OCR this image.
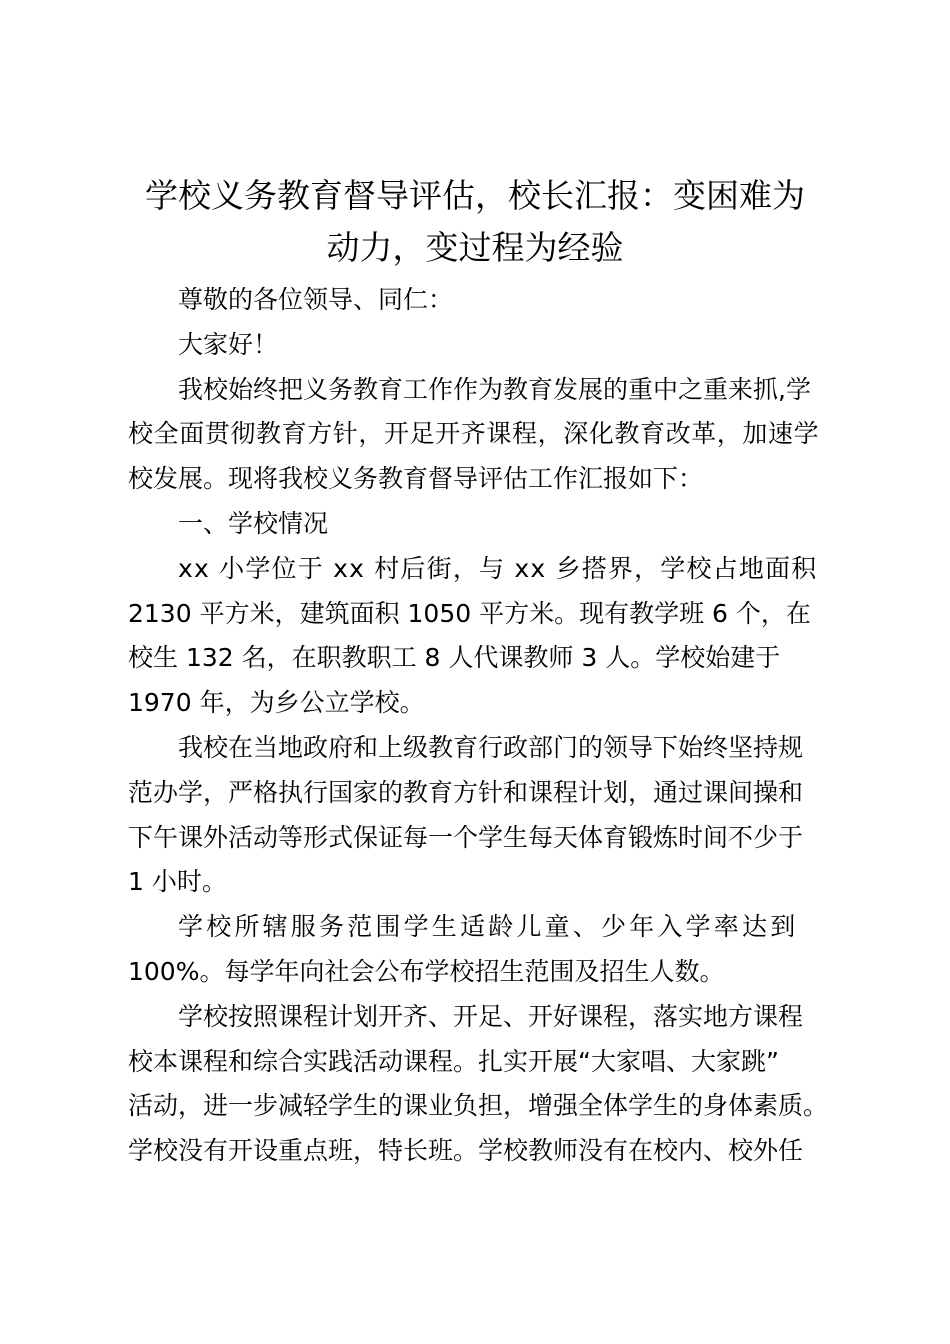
学校义务教育督导评估，校长汇报：变困难为
动力，变过程为经验
尊敬的各位领导、同仁：
大家好！
我校始终把义务教育工作作为教育发展的重中之重来抓,学
校全面贯彻教育方针，开足开齐课程，深化教育改革，加速学
校发展。现将我校义务教育督导评估工作汇报如下：
一、学校情况
xx 小学位于 xx 村后街，与 xx 乡搭界，学校占地面积
2130 平方米，建筑面积 1050 平方米。现有教学班 6 个，在
校生 132 名，在职教职工 8 人代课教师 3 人。学校始建于
1970 年，为乡公立学校。
我校在当地政府和上级教育行政部门的领导下始终坚持规
范办学，严格执行国家的教育方针和课程计划，通过课间操和
下午课外活动等形式保证每一个学生每天体育锻炼时间不少于
1 小时。
学校所辖服务范围学生适龄儿童、少年入学率达到
100%。每学年向社会公布学校招生范围及招生人数。
学校按照课程计划开齐、开足、开好课程，落实地方课程
校本课程和综合实践活动课程。扎实开展“大家唱、大家跳”
活动，进一步减轻学生的课业负担，增强全体学生的身体素质。
学校没有开设重点班，特长班。学校教师没有在校内、校外任
